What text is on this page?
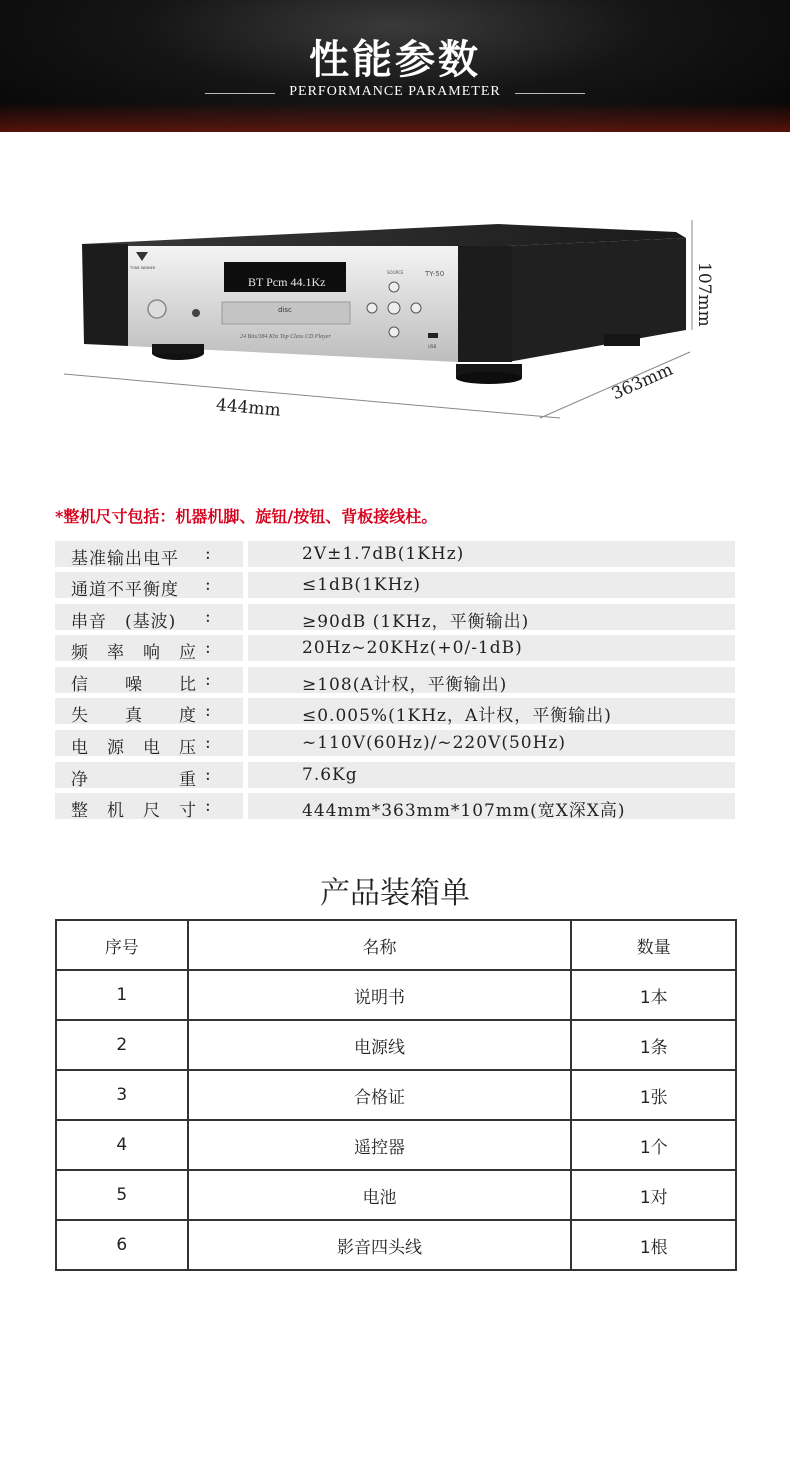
性能参数
PERFORMANCE PARAMETER
BT Pcm 44.1Kz
disc
24 Bits/384 Khz Top Class CD Player
TONE WINNER
TY-50
SOURCE
USB
444mm
363mm
107mm
*整机尺寸包括：机器机脚、旋钮/按钮、背板接线柱。
基准输出电平	:	2V±1.7dB(1KHz)
通道不平衡度	:	≤1dB(1KHz)
串音　(基波)	:	≥90dB (1KHz，平衡输出)
频　率　响　应 :	20Hz~20KHz(+0/-1dB)
信　　噪　　比 :	≥108(A计权，平衡输出)
失　　真　　度 :	≤0.005%(1KHz，A计权，平衡输出)
电　源　电　压 :	~110V(60Hz)/~220V(50Hz)
净　　　　　重 :	7.6Kg
整　机　尺　寸 :	444mm*363mm*107mm(宽X深X高)
产品装箱单
序号	名称	数量
1	说明书	1本
2	电源线	1条
3	合格证	1张
4	遥控器	1个
5	电池	1对
6	影音四头线	1根
